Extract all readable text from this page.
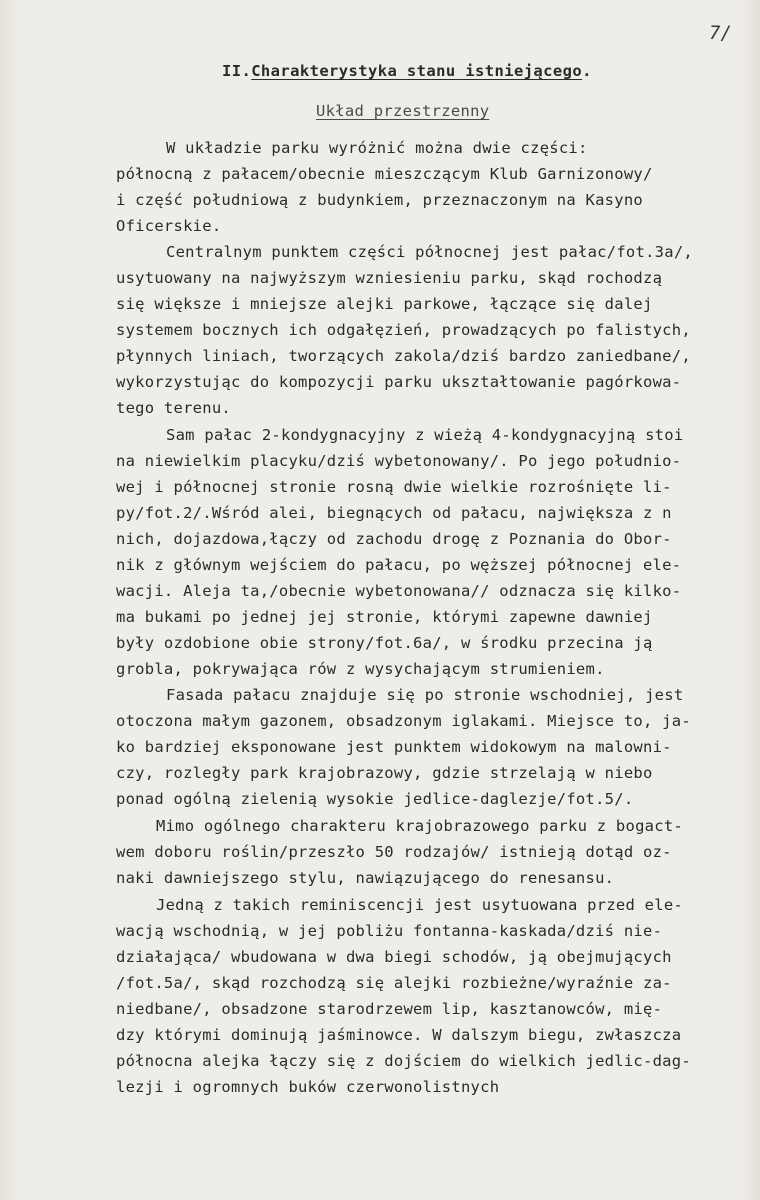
7/
II.Charakterystyka stanu istniejącego.
Układ przestrzenny
W układzie parku wyróżnić można dwie części:
północną z pałacem/obecnie mieszczącym Klub Garnizonowy/
i część południową z budynkiem, przeznaczonym na Kasyno
Oficerskie.
Centralnym punktem części północnej jest pałac/fot.3a/,
usytuowany na najwyższym wzniesieniu parku, skąd rochodzą
się większe i mniejsze alejki parkowe, łączące się dalej
systemem bocznych ich odgałęzień, prowadzących po falistych,
płynnych liniach, tworzących zakola/dziś bardzo zaniedbane/,
wykorzystując do kompozycji parku ukształtowanie pagórkowa-
tego terenu.
Sam pałac 2-kondygnacyjny z wieżą 4-kondygnacyjną stoi
na niewielkim placyku/dziś wybetonowany/. Po jego południo-
wej i północnej stronie rosną dwie wielkie rozrośnięte li-
py/fot.2/.Wśród alei, biegnących od pałacu, największa z n
nich, dojazdowa,łączy od zachodu drogę z Poznania do Obor-
nik z głównym wejściem do pałacu, po węższej północnej ele-
wacji. Aleja ta,/obecnie wybetonowana// odznacza się kilko-
ma bukami po jednej jej stronie, którymi zapewne dawniej
były ozdobione obie strony/fot.6a/, w środku przecina ją
grobla, pokrywająca rów z wysychającym strumieniem.
Fasada pałacu znajduje się po stronie wschodniej, jest
otoczona małym gazonem, obsadzonym iglakami. Miejsce to, ja-
ko bardziej eksponowane jest punktem widokowym na malowni-
czy, rozległy park krajobrazowy, gdzie strzelają w niebo
ponad ogólną zielenią wysokie jedlice-daglezje/fot.5/.
Mimo ogólnego charakteru krajobrazowego parku z bogact-
wem doboru roślin/przeszło 50 rodzajów/ istnieją dotąd oz-
naki dawniejszego stylu, nawiązującego do renesansu.
Jedną z takich reminiscencji jest usytuowana przed ele-
wacją wschodnią, w jej pobliżu fontanna-kaskada/dziś nie-
działająca/ wbudowana w dwa biegi schodów, ją obejmujących
/fot.5a/, skąd rozchodzą się alejki rozbieżne/wyraźnie za-
niedbane/, obsadzone starodrzewem lip, kasztanowców, mię-
dzy którymi dominują jaśminowce. W dalszym biegu, zwłaszcza
północna alejka łączy się z dojściem do wielkich jedlic-dag-
lezji i ogromnych buków czerwonolistnych
